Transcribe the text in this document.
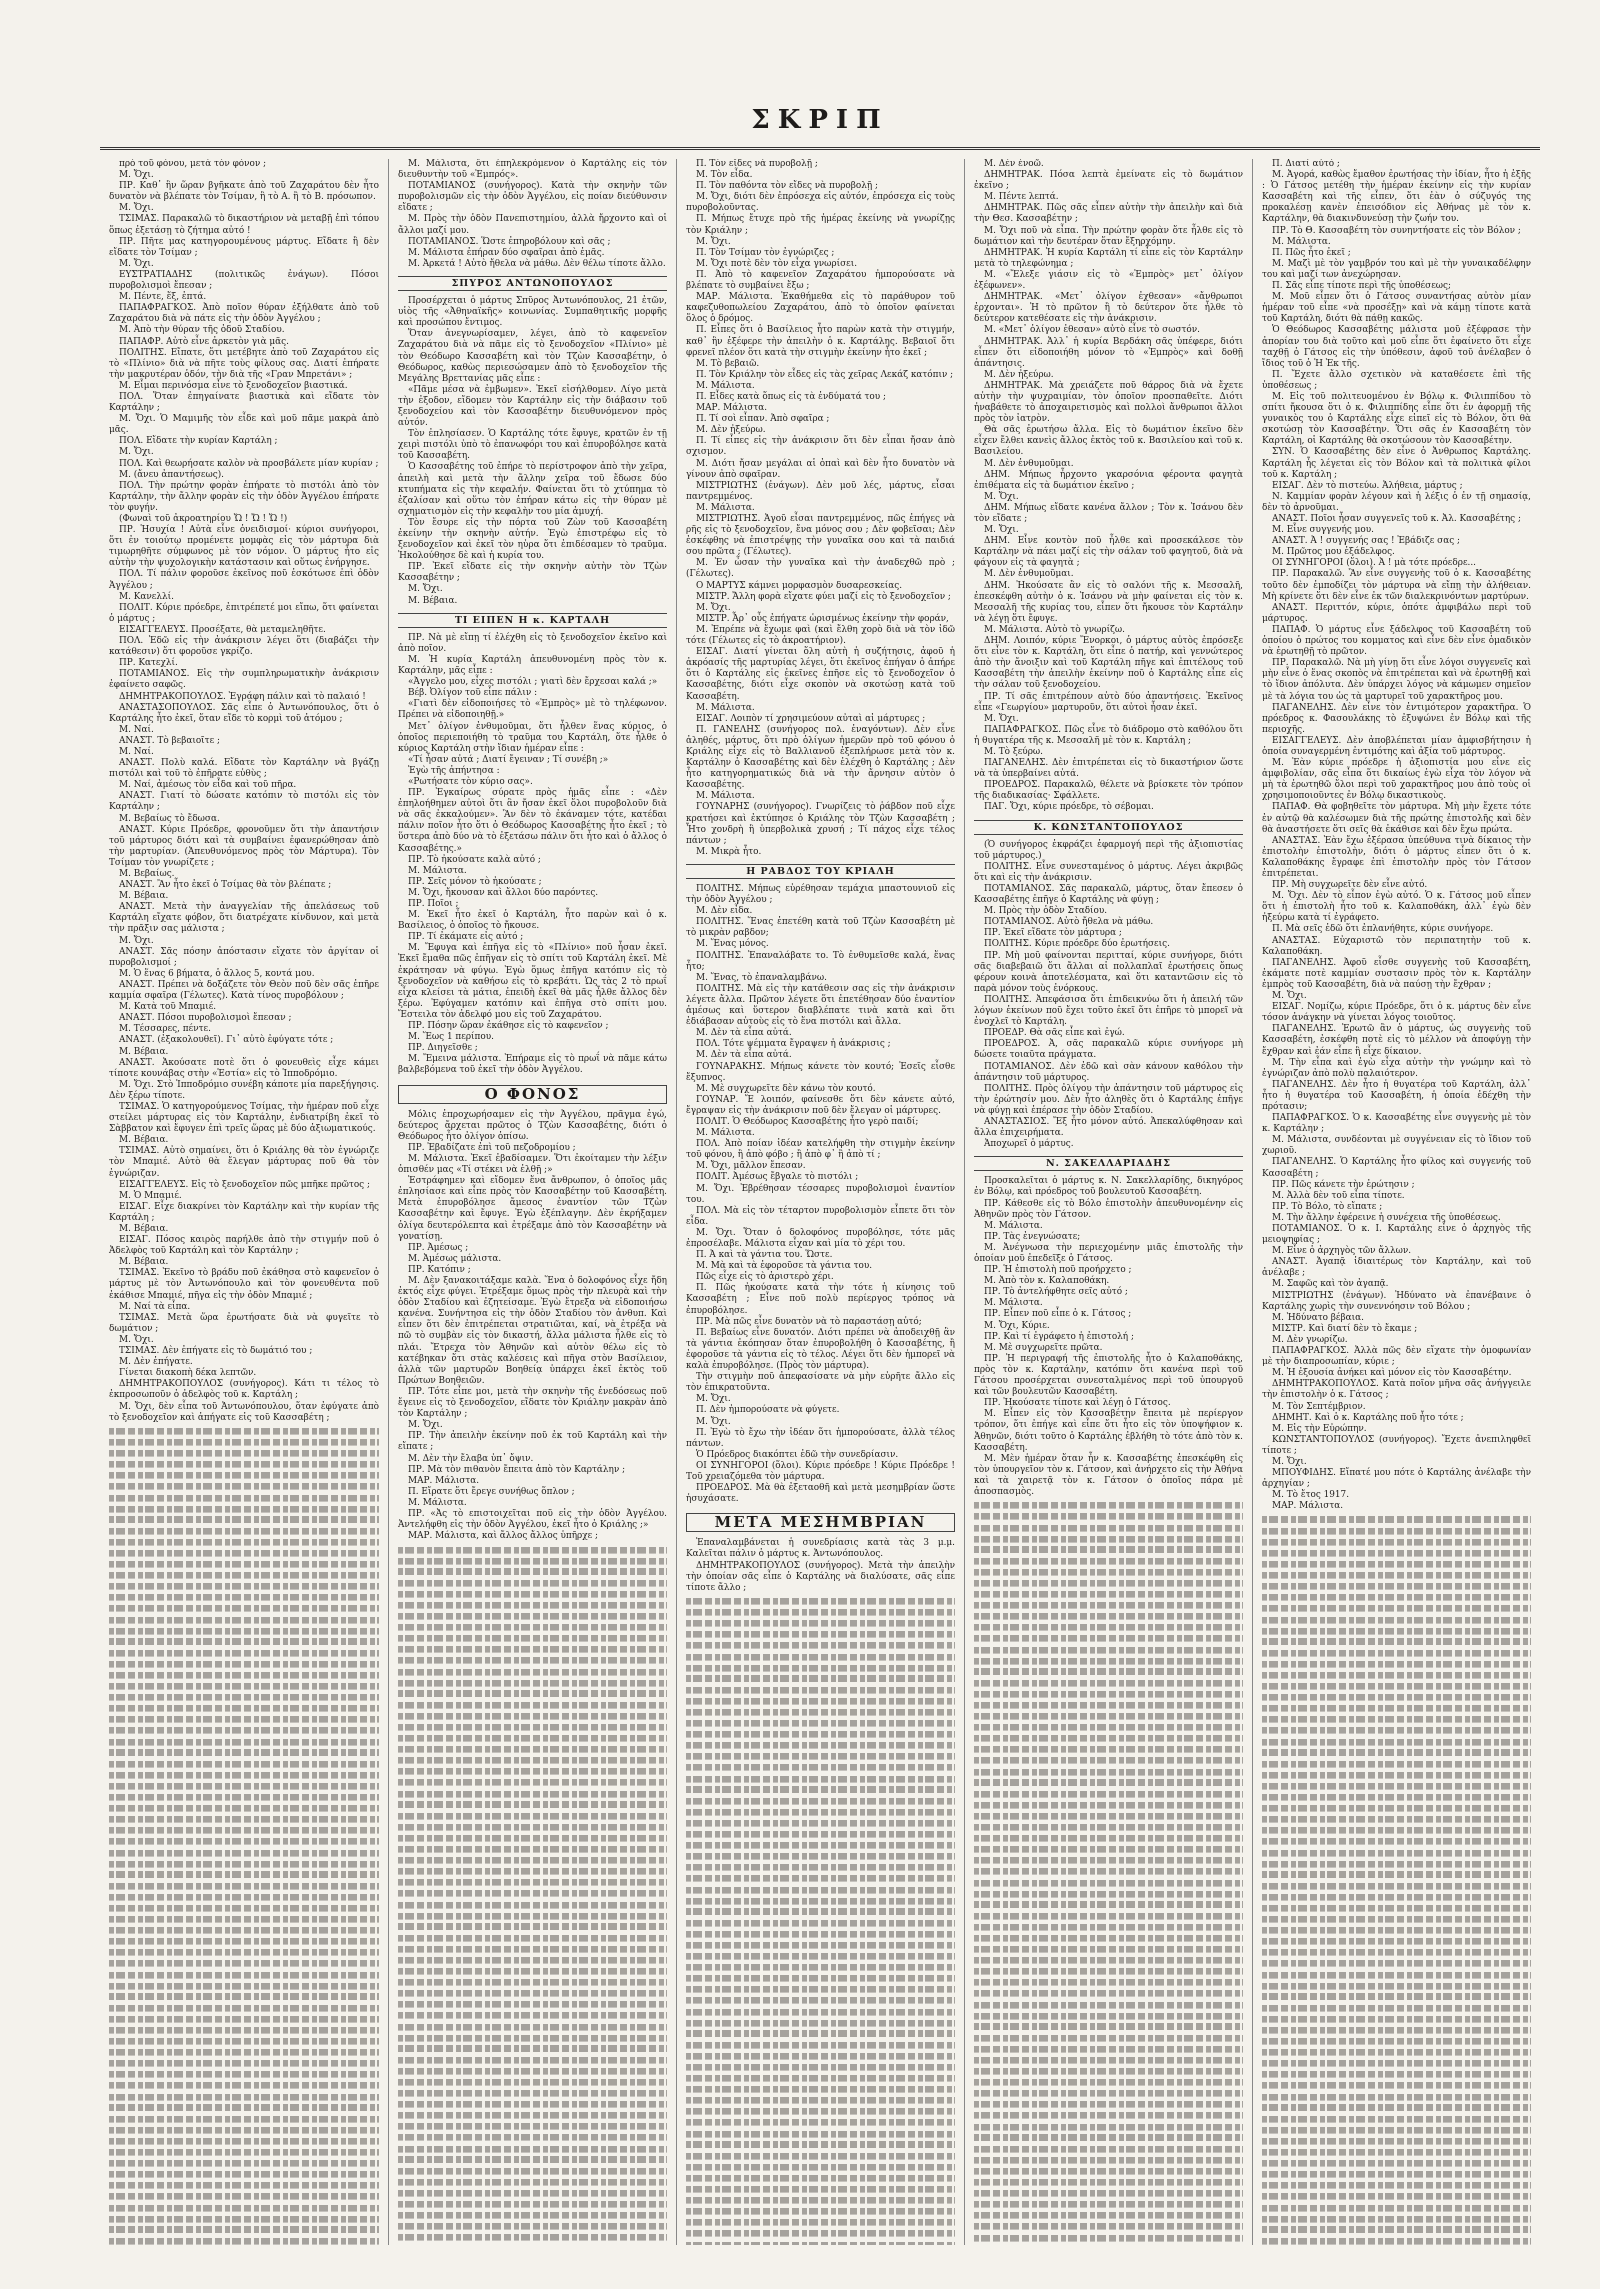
ΣΚΡΙΠ

πρὸ τοῦ φόνου, μετὰ τὸν φόνον ;

Μ. Ὄχι.

ΠΡ. Καθ᾽ ἣν ὥραν βγῆκατε ἀπὸ τοῦ Ζαχαράτου δὲν ἦτο δυνατὸν νὰ βλέπατε τὸν Τσίμαν, ἢ τὸ Α. ἢ τὸ Β. πρόσωπον.

Μ. Ὄχι.

ΤΣΙΜΑΣ. Παρακαλῶ τὸ δικαστήριον νὰ μεταβῇ ἐπὶ τόπου ὅπως ἐξετάσῃ τὸ ζήτημα αὐτό !

ΠΡ. Πῆτε μας κατηγορουμένους μάρτυς. Εἴδατε ἢ δὲν εἴδατε τὸν Τσίμαν ;

Μ. Ὄχι.

ΕΥΣΤΡΑΤΙΑΔΗΣ (πολιτικῶς ἐνάγων). Πόσοι πυροβολισμοὶ ἔπεσαν ;

Μ. Πέντε, ἕξ, ἑπτά.

ΠΑΠΑΦΡΑΓΚΟΣ. Ἀπὸ ποῖον θύραν ἐξήλθατε ἀπὸ τοῦ Ζαχαράτου διὰ νὰ πάτε εἰς τὴν ὁδὸν Ἀγγέλου ;

Μ. Ἀπὸ τὴν θύραν τῆς ὁδοῦ Σταδίου.

ΠΑΠΑΦΡ. Αὐτὸ εἶνε ἀρκετὸν γιὰ μᾶς.

ΠΟΛΙΤΗΣ. Εἴπατε, ὅτι μετέβητε ἀπὸ τοῦ Ζαχαράτου εἰς τὸ «Πλίνιο» διὰ νὰ πῆτε τοὺς φίλους σας. Διατί ἐπήρατε τὴν μακρυτέραν ὁδόν, τὴν διὰ τῆς «Γραν Μπρετάνι» ;

Μ. Εἶμαι περινόσμα εἶνε τὸ ξενοδοχεῖον βιαστικά.

ΠΟΛ. Ὅταν ἐπηγαίνατε βιαστικὰ καὶ εἴδατε τὸν Καρτάλην ;

Μ. Ὄχι. Ὁ Μαμιμῆς τὸν εἶδε καὶ μοῦ πᾶμε μακρὰ ἀπὸ μᾶς.

ΠΟΛ. Εἴδατε τὴν κυρίαν Καρτάλη ;

Μ. Ὄχι.

ΠΟΛ. Καὶ θεωρήσατε καλὸν νὰ προσβάλετε μίαν κυρίαν ;

Μ. (ἄνευ ἀπαντήσεως).

ΠΟΛ. Τὴν πρώτην φορὰν ἐπήρατε τὸ πιστόλι ἀπὸ τὸν Καρτάλην, τὴν ἄλλην φορὰν εἰς τὴν ὁδὸν Ἀγγέλου ἐπήρατε τὸν φυγήν.

(Φωναὶ τοῦ ἀκροατηρίου Ὤ ! Ὤ ! Ὤ !)

ΠΡ. Ἡσυχία ! Αὐτὰ εἶνε ὀνειδισμοί· κύριοι συνήγοροι, ὅτι ἐν τοιούτῳ προμένετε μομφὰς εἰς τὸν μάρτυρα διὰ τιμωρηθῆτε σύμφωνος μὲ τὸν νόμον. Ὁ μάρτυς ἦτο εἰς αὐτὴν τὴν ψυχολογικὴν κατάστασιν καὶ οὕτως ἐνήργησε.

ΠΟΛ. Τί πάλιν φοροῦσε ἐκεῖνος ποῦ ἐσκότωσε ἐπὶ ὁδὸν Ἀγγέλου ;

Μ. Κανελλί.

ΠΟΛΙΤ. Κύριε πρόεδρε, ἐπιτρέπετέ μοι εἴπω, ὅτι φαίνεται ὁ μάρτυς ;

ΕΙΣΑΓΓΕΛΕΥΣ. Προσέξατε, θὰ μεταμεληθῆτε.

ΠΟΛ. Ἐδῶ εἰς τὴν ἀνάκρισιν λέγει ὅτι (διαβάζει τὴν κατάθεσιν) ὅτι φοροῦσε γκρίζο.

ΠΡ. Κατεχλί.

ΠΟΤΑΜΙΑΝΟΣ. Εἰς τὴν συμπληρωματικὴν ἀνάκρισιν ἐφαίνετο σαφῶς.

ΔΗΜΗΤΡΑΚΟΠΟΥΛΟΣ. Ἐγράφη πάλιν καὶ τὸ παλαιό !

ΑΝΑΣΤΑΣΟΠΟΥΛΟΣ. Σᾶς εἶπε ὁ Ἀντωνόπουλος, ὅτι ὁ Καρτάλης ἦτο ἐκεῖ, ὅταν εἴδε τὸ κορμὶ τοῦ ἀτόμου ;

Μ. Ναί.

ΑΝΑΣΤ. Τὸ βεβαιοῖτε ;

Μ. Ναί.

ΑΝΑΣΤ. Πολὺ καλά. Εἴδατε τὸν Καρτάλην νὰ βγάζῃ πιστόλι καὶ τοῦ τὸ ἐπῆρατε εὐθὺς ;

Μ. Ναί, ἀμέσως τὸν εἶδα καὶ τοῦ πῆρα.

ΑΝΑΣΤ. Γιατί τὸ δώσατε κατόπιν τὸ πιστόλι εἰς τὸν Καρτάλην ;

Μ. Βεβαίως τὸ ἔδωσα.

ΑΝΑΣΤ. Κύριε Πρόεδρε, φρονοῦμεν ὅτι τὴν ἀπαντήσιν τοῦ μάρτυρος διότι καὶ τὰ συμβαίνει ἐφανερώθησαν ἀπὸ τὴν μαρτυρίαν. (Ἀπευθυνόμενος πρὸς τὸν Μάρτυρα). Τὸν Τσίμαν τὸν γνωρίζετε ;

Μ. Βεβαίως.

ΑΝΑΣΤ. Ἂν ἦτο ἐκεῖ ὁ Τσίμας θὰ τὸν βλέπατε ;

Μ. Βέβαια.

ΑΝΑΣΤ. Μετὰ τὴν ἀναγγελίαν τῆς ἀπελάσεως τοῦ Καρτάλη εἴχατε φόβον, ὅτι διατρέχατε κίνδυνον, καὶ μετὰ τὴν πρᾶξιν σας μάλιστα ;

Μ. Ὄχι.

ΑΝΑΣΤ. Σᾶς πόσην ἀπόστασιν εἴχατε τὸν ἀργίταν οἱ πυροβολισμοί ;

Μ. Ὁ ἕνας 6 βήματα, ὁ ἄλλος 5, κοντά μου.

ΑΝΑΣΤ. Πρέπει νὰ δοξάζετε τὸν Θεὸν ποῦ δὲν σᾶς ἐπῆρε καμμία σφαῖρα (Γέλωτες). Κατὰ τίνος πυροβόλουν ;

Μ. Κατὰ τοῦ Μπαμιέ.

ΑΝΑΣΤ. Πόσοι πυροβολισμοὶ ἔπεσαν ;

Μ. Τέσσαρες, πέντε.

ΑΝΑΣΤ. (ἐξακολουθεῖ). Γι᾽ αὐτὸ ἐφύγατε τότε ;

Μ. Βέβαια.

ΑΝΑΣΤ. Ἀκούσατε ποτὲ ὅτι ὁ φονευθεὶς εἶχε κάμει τίποτε κουνάβας στὴν «Ἑστία» εἰς τὸ Ἱπποδρόμιο.

Μ. Ὄχι. Στὸ Ἱπποδρόμιο συνέβη κάποτε μία παρεξήγησις. Δὲν ξέρω τίποτε.

ΤΣΙΜΑΣ. Ὁ κατηγορούμενος Τσίμας, τὴν ἡμέραν ποῦ εἶχε στείλει μάρτυρας εἰς τὸν Καρτάλην, ἐνδιατρίβη ἐκεῖ τὸ Σὰββατον καὶ ἔφυγεν ἐπὶ τρεῖς ὥρας μὲ δύο ἀξιωματικούς.

Μ. Βέβαια.

ΤΣΙΜΑΣ. Αὐτὸ σημαίνει, ὅτι ὁ Κριάλης θὰ τὸν ἐγνώριζε τὸν Μπαμιέ. Αὐτὸ θὰ ἔλεγαν μάρτυρας ποῦ θὰ τὸν ἐγνώριζαν.

ΕΙΣΑΓΓΕΛΕΥΣ. Εἰς τὸ ξενοδοχεῖον πῶς μπῆκε πρῶτος ;

Μ. Ὁ Μπαμιέ.

ΕΙΣΑΓ. Εἶχε διακρίνει τὸν Καρτάλην καὶ τὴν κυρίαν τῆς Καρτάλη ;

Μ. Βέβαια.

ΕΙΣΑΓ. Πόσος καιρὸς παρήλθε ἀπὸ τὴν στιγμήν ποῦ ὁ Ἀδελφὸς τοῦ Καρτάλη καὶ τὸν Καρτάλην ;

Μ. Βέβαια.

ΤΣΙΜΑΣ. Ἐκεῖνο τὸ βράδυ ποῦ ἐκάθησα στὸ καφενεῖον ὁ μάρτυς μὲ τὸν Ἀντωνόπουλο καὶ τὸν φονευθέντα ποῦ ἐκάθισε Μπαμιέ, πῆγα εἰς τὴν ὁδὸν Μπαμιέ ;

Μ. Ναί τὰ εἶπα.

ΤΣΙΜΑΣ. Μετὰ ὥρα ἐρωτήσατε διὰ νὰ φυγεῖτε τὸ δωμάτιον ;

Μ. Ὄχι.

ΤΣΙΜΑΣ. Δὲν ἐπήγατε εἰς τὸ δωμάτιό του ;

Μ. Δὲν ἐπήγατε.

Γίνεται διακοπὴ δέκα λεπτῶν.

ΔΗΜΗΤΡΑΚΟΠΟΥΛΟΣ (συνήγορος). Κάτι τι τέλος τὸ ἐκπροσωποῦν ὁ ἀδελφὸς τοῦ κ. Καρτάλη ;

Μ. Ὄχι, δὲν εἶπα τοῦ Ἀντωνόπουλου, ὅταν ἐφύγατε ἀπὸ τὸ ξενοδοχεῖον καὶ ἀπήγατε εἰς τοῦ Κασσαβέτη ;

Μ. Μάλιστα, ὅτι ἐπηλεκρόμενον ὁ Καρτάλης εἰς τὸν διευθυντὴν τοῦ «Ἐμπρός».

ΠΟΤΑΜΙΑΝΟΣ (συνήγορος). Κατὰ τὴν σκηνὴν τῶν πυροβολισμῶν εἰς τὴν ὁδὸν Ἀγγέλου, εἰς ποίαν διεύθυνσιν εἴδατε ;

Μ. Πρὸς τὴν ὁδὸν Πανεπιστημίου, ἀλλὰ ἤρχοντο καὶ οἱ ἄλλοι μαζί μου.

ΠΟΤΑΜΙΑΝΟΣ. Ὥστε ἐπηροβόλουν καὶ σᾶς ;

Μ. Μάλιστα ἐπήραν δύο σφαῖραι ἀπὸ ἐμᾶς.

Μ. Ἀρκετά ! Αὐτὸ ἤθελα νὰ μάθω. Δὲν θέλω τίποτε ἄλλο.

ΣΠΥΡΟΣ ΑΝΤΩΝΟΠΟΥΛΟΣ

Προσέρχεται ὁ μάρτυς Σπῦρος Ἀντωνόπουλος, 21 ἐτῶν, υἱὸς τῆς «Ἀθηναϊκῆς» κοινωνίας. Συμπαθητικῆς μορφῆς καὶ προσώπου ἔντιμος.

Ὅταν ἀνεγνωρίσαμεν, λέγει, ἀπὸ τὸ καφενεῖον Ζαχαράτου διὰ νὰ πᾶμε εἰς τὸ ξενοδοχεῖον «Πλίνιο» μὲ τὸν Θεόδωρο Κασσαβέτη καὶ τὸν Τζὼν Κασσαβέτην, ὁ Θεόδωρος, καθὼς περιεσώσαμεν ἀπὸ τὸ ξενοδοχεῖον τῆς Μεγάλης Βρεττανίας μᾶς εἶπε :

«Πᾶμε μέσα νὰ ἐμβωμεν». Ἐκεῖ εἰσήλθομεν. Λίγο μετὰ τὴν ἐξοδον, εἴδομεν τὸν Καρτάλην εἰς τὴν διάβασιν τοῦ ξενοδοχείου καὶ τὸν Κασσαβέτην διευθυνόμενον πρὸς αὐτόν.

Τὸν ἐπλησίασεν. Ὁ Καρτάλης τότε ἔφυγε, κρατῶν ἐν τῇ χειρὶ πιστόλι ὑπὸ τὸ ἐπανωφόρι του καὶ ἐπυροβόλησε κατὰ τοῦ Κασσαβέτη.

Ὁ Κασσαβέτης τοῦ ἐπήρε τὸ περίστροφον ἀπὸ τὴν χεῖρα, ἀπειλὴ καὶ μετὰ τὴν ἄλλην χεῖρα τοῦ ἔδωσε δύο κτυπήματα εἰς τὴν κεφαλήν. Φαίνεται ὅτι τὸ χτύπημα τὸ ἐζαλίσαν καὶ οὕτω τὸν ἐπήραν κάτω εἰς τὴν θύραν μὲ σχηματισμὸν εἰς τὴν κεφαλὴν του μία ἀμυχή.

Τὸν ἔσυρε εἰς τὴν πόρτα τοῦ Ζὼν τοῦ Κασσαβέτη ἐκείνην τὴν σκηνὴν αὐτήν. Ἐγὼ ἐπιστρέφω εἰς τὸ ξενοδοχεῖον καὶ ἐκεῖ τὸν ηὑρα ὅτι ἐπιδέσαμεν τὸ τραῦμα. Ἠκολούθησε δὲ καὶ ἡ κυρία του.

ΠΡ. Ἐκεῖ εἴδατε εἰς τὴν σκηνὴν αὐτὴν τὸν Τζὼν Κασσαβέτην ;

Μ. Ὄχι.

Μ. Βέβαια.

ΤΙ ΕΙΠΕΝ Η κ. ΚΑΡΤΑΛΗ

ΠΡ. Νὰ μὲ εἴπῃ τί ἐλέχθη εἰς τὸ ξενοδοχεῖον ἐκεῖνο καὶ ἀπὸ ποῖον.

Μ. Ἡ κυρία Καρτάλη ἀπευθυνομένη πρὸς τὸν κ. Καρτάλην, μᾶς εἶπε :

«Ἀγγελο μου, εἶχες πιστόλι ; γιατὶ δὲν ἔρχεσαι καλά ;»

Βέβ. Ὀλίγον τοῦ εἶπε πάλιν :

«Γιατὶ δὲν εἰδοποιήσες τὸ «Ἐμπρὸς» μὲ τὸ τηλέφωνον. Πρέπει νὰ εἰδοποιηθῇ.»

Μετ᾽ ὀλίγον ἐνθυμοῦμαι, ὅτι ἦλθεν ἕνας κύριος, ὁ ὁποῖος περιεποιήθη τὸ τραῦμα του Καρτάλη, ὅτε ἦλθε ὁ κύριος Καρτάλη στὴν ἴδιαν ἡμέραν εἶπε :

«Τί ἦσαν αὐτά ; Διατί ἔγειναν ; Τί συνέβη ;»

Ἐγὼ τῆς ἀπήντησα :

«Ρωτήσατε τὸν κύριο σας».

ΠΡ. Ἐγκαίρως σύρατε πρὸς ἡμᾶς εἶπε : «Δὲν ἐπηλοήθημεν αὐτοὶ ὅτι ἂν ἤσαν ἐκεῖ ὅλοι πυροβολοῦν διὰ νὰ σᾶς ἐκκαλούμεν». Ἂν δὲν τὸ ἐκάναμεν τότε, κατέδαι πάλιν ποῖον ἦτο ὅτι ὁ Θεόδωρος Κασσαβέτης ἦτο ἐκεῖ ; τὸ ὕστερα ἀπὸ δύο νὰ τὸ ἐξετάσω πάλιν ὅτι ἦτο καὶ ὁ ἄλλος ὁ Κασσαβέτης.»

ΠΡ. Τὸ ἠκούσατε καλὰ αὐτό ;

Μ. Μάλιστα.

ΠΡ. Σεῖς μόνον τὸ ἠκούσατε ;

Μ. Ὄχι, ἤκουσαν καὶ ἄλλοι δύο παρόντες.

ΠΡ. Ποῖοι ;

Μ. Ἐκεῖ ἦτο ἐκεῖ ὁ Καρτάλη, ἦτο παρὼν καὶ ὁ κ. Βασίλειος, ὁ ὁποῖος τὸ ἤκουσε.

ΠΡ. Τί ἐκάματε εἰς αὐτό ;

Μ. Ἔφυγα καὶ ἐπῆγα εἰς τὸ «Πλίνιο» ποῦ ἦσαν ἐκεῖ. Ἐκεῖ ἔμαθα πῶς ἐπῆγαν εἰς τὸ σπίτι τοῦ Καρτάλη ἐκεῖ. Μὲ ἐκράτησαν νὰ φύγω. Ἐγὼ ὅμως ἐπῆγα κατόπιν εἰς τὸ ξενοδοχεῖον νὰ καθήσω εἰς τὸ κρεβάτι. Ὡς τὰς 2 τὸ πρωΐ εἶχα κλείσει τὰ μάτια, ἐπειδὴ ἐκεῖ θὰ μᾶς ἦλθε ἄλλος δὲν ξέρω. Ἐφύγαμεν κατόπιν καὶ ἐπῆγα στὸ σπίτι μου. Ἔστειλα τὸν ἀδελφό μου εἰς τοῦ Ζαχαράτου.

ΠΡ. Πόσην ὥραν ἐκάθησε εἰς τὸ καφενεῖον ;

Μ. Ἕως 1 περίπου.

ΠΡ. Διηγεῖσθε ;

Μ. Ἔμεινα μάλιστα. Ἐπήραμε εἰς τὸ πρωΐ νὰ πᾶμε κάτω βαλβεβόμενα τοῦ ἐκεῖ τὴν ὁδὸν Ἀγγέλου.

Ο ΦΟΝΟΣ

Μόλις ἐπροχωρήσαμεν εἰς τὴν Ἀγγέλου, πρᾶγμα ἐγώ, δεύτερος ἄρχεται πρῶτος ὁ Τζὼν Κασσαβέτης, διότι ὁ Θεόδωρος ἦτο ὀλίγον ὀπίσω.

ΠΡ. Ἐβαδίζατε ἐπὶ τοῦ πεζοδρομίου ;

Μ. Μάλιστα. Ἐκεῖ ἐβαδίσαμεν. Ὅτι ἐκοίταμεν τὴν λέξιν ὀπισθέν μας «Τί στέκει νὰ ἐλθῇ ;»

Ἐστράφημεν καὶ εἴδομεν ἕνα ἄνθρωπον, ὁ ὁποῖος μᾶς ἐπλησίασε καὶ εἶπε πρὸς τὸν Κασσαβέτην τοῦ Κασσαβέτη. Μετὰ ἐπυροβόλησε ἄμεσος ἐναντίον τῶν Τζὼν Κασσαβέτην καὶ ἔφυγε. Ἐγὼ ἐξέπλαγην. Δὲν ἐκρήξαμεν ὀλίγα δευτερόλεπτα καὶ ἐτρέξαμε ἀπὸ τὸν Κασσαβέτην νὰ γονατίσῃ.

ΠΡ. Ἀμέσως ;

Μ. Ἀμέσως μάλιστα.

ΠΡ. Κατόπιν ;

Μ. Δὲν ξανακοιτάξαμε καλὰ. Ἕνα ὁ δολοφόνος εἶχε ἤδη ἐκτός εἶχε φύγει. Ἐτρέξαμε ὅμως πρὸς τὴν πλευρὰ καὶ τὴν ὁδὸν Σταδίου καὶ ἐζητείσαμε. Ἐγὼ ἔτρεξα νὰ εἰδοποιήσω κανένα. Συνήντησα εἰς τὴν ὁδὸν Σταδίου τὸν ἀνθυπ. Καὶ εἶπεν ὅτι δὲν ἐπιτρέπεται στρατιῶται, καί, νὰ ἐτρέξα νὰ πῶ τὸ συμβὰν εἰς τὸν δικαστή, ἄλλα μάλιστα ἦλθε εἰς τὸ πλάι. Ἔτρεχα τὸν Ἀθηνῶν καὶ αὐτὸν θέλω εἰς τὸ κατέβηκαν ὅτι στὰς καλέσεις καὶ πῆγα στὸν Βασίλειον, ἀλλὰ τῶν μαρτυρῶν Βοηθείᾳ ὑπάρχει ἐκεῖ ἐκτὸς τοῦ Πρώτων Βοηθειῶν.

ΠΡ. Τότε εἶπε μοι, μετὰ τὴν σκηνὴν τῆς ἐνεδόσεως ποῦ ἔγεινε εἰς τὸ ξενοδοχεῖον, εἴδατε τὸν Κριάλην μακρὰν ἀπὸ τὸν Καρτάλην ;

Μ. Ὄχι.

ΠΡ. Τὴν ἀπειλὴν ἐκείνην ποῦ ἐκ τοῦ Καρτάλη καὶ τὴν εἴπατε ;

Μ. Δὲν τὴν ἔλαβα ὑπ᾽ ὄψιν.

ΠΡ. Μὰ τὸν πιθανὸν ἔπειτα ἀπὸ τὸν Καρτάλην ;

ΜΑΡ. Μάλιστα.

Π. Εἴρατε ὅτι ἔρεγε συνήθως ὅπλον ;

Μ. Μάλιστα.

ΠΡ. «Ἀς τὸ επιστοιχεῖται ποῦ εἰς τὴν ὁδὸν Ἀγγέλου. Ἀντελήφθη εἰς τὴν ὁδὸν Ἀγγέλου, ἐκεῖ ἦτο ὁ Κριάλης ;»

ΜΑΡ. Μάλιστα, καὶ ἄλλος ἄλλος ὑπῆρχε ;

Π. Τὸν εἴδες νὰ πυροβολῇ ;

Μ. Τὸν εἶδα.

Π. Τὸν παθόντα τὸν εἴδες νὰ πυροβολῇ ;

Μ. Ὄχι, διότι δὲν ἐπρόσεχα εἰς αὐτόν, ἐπρόσεχα εἰς τοὺς πυροβολοῦντας.

Π. Μήπως ἔτυχε πρὸ τῆς ἡμέρας ἐκείνης νὰ γνωρίζῃς τὸν Κριάλην ;

Μ. Ὄχι.

Π. Τὸν Τσίμαν τὸν ἐγνώριζες ;

Μ. Ὄχι ποτὲ δὲν τὸν εἶχα γνωρίσει.

Π. Ἀπὸ τὸ καφενεῖον Ζαχαράτου ἠμπορούσατε νὰ βλέπατε τὸ συμβαίνει ἔξω ;

ΜΑΡ. Μάλιστα. Ἐκαθήμεθα εἰς τὸ παράθυρον τοῦ καφεζυθοπωλείου Ζαχαράτου, ἀπὸ τὸ ὁποῖον φαίνεται ὅλος ὁ δρόμος.

Π. Εἶπες ὅτι ὁ Βασίλειος ἦτο παρὼν κατὰ τὴν στιγμήν, καθ᾽ ἣν ἐξέφερε τὴν ἀπειλὴν ὁ κ. Καρτάλης. Βεβαιοῖ ὅτι φρενεῖ πλέον ὅτι κατὰ τὴν στιγμὴν ἐκείνην ἦτο ἐκεῖ ;

Μ. Τὸ βεβαιῶ.

Π. Τὸν Κριάλην τὸν εἶδες εἰς τὰς χεῖρας Λεκάζ κατόπιν ;

Μ. Μάλιστα.

Π. Εἶδες κατὰ ὅπως εἰς τὰ ἐνδύματά του ;

ΜΑΡ. Μάλιστα.

Π. Τί σοὶ εἶπαν. Ἀπὸ σφαῖρα ;

Μ. Δὲν ἠξεύρω.

Π. Τί εἶπες εἰς τὴν ἀνάκρισιν ὅτι δὲν εἶπαι ἤσαν ἀπὸ σχισμον.

Μ. Διότι ἤσαν μεγάλαι αἱ ὀπαὶ καὶ δὲν ἦτο δυνατὸν νὰ γίνουν ἀπὸ σφαῖραν.

ΜΙΣΤΡΙΩΤΗΣ (ἐνάγων). Δὲν μοῦ λές, μάρτυς, εἶσαι παντρεμμένος.

Μ. Μάλιστα.

ΜΙΣΤΡΙΩΤΗΣ. Ἀγοῦ εἶσαι παντρεμμένος, πῶς ἐπήγες νὰ ρῆς εἰς τὸ ξενοδοχεῖον, ἔνα μόνος σου ; Δὲν φοβεῖσαι; Δὲν ἐσκέφθης νὰ ἐπιστρέψῃς τὴν γυναῖκα σου καὶ τὰ παιδιά σου πρῶτα ; (Γέλωτες).

Μ. Ἐν ὦσαν τὴν γυναῖκα καὶ τὴν ἀναδεχθῶ πρὸ ; (Γέλωτες).

Ο ΜΑΡΤΥΣ κάμνει μορφασμὸν δυσαρεσκείας.

ΜΙΣΤΡ. Ἄλλη φορὰ εἴχατε φύει μαζί εἰς τὸ ξενοδοχεῖον ;

Μ. Ὄχι.

ΜΙΣΤΡ. Ἆρ᾽ οὖς ἐπήγατε ὡρισμένως ἐκείνην τὴν φοράν,

Μ. Ἐπρέπε νὰ ἔχωμε φαὶ (καὶ ἔλθη χορὸ διὰ νὰ τὸν ἰδῶ τότε (Γέλωτες εἰς τὸ ἀκροατήριον).

ΕΙΣΑΓ. Διατί γίνεται ὅλη αὐτὴ ἡ συζήτησις, ἀφοῦ ἡ ἀκρόασίς τῆς μαρτυρίας λέγει, ὅτι ἐκεῖνος ἐπήγαν ὁ ἀπήρε ὅτι ὁ Καρτάλης εἰς ἐκεῖνες ἐπῆσε εἰς τὸ ξενοδοχεῖον ὁ Κασσαβέτης, διότι εἶχε σκοπὸν νὰ σκοτώσῃ κατὰ τοῦ Κασσαβέτη.

Μ. Μάλιστα.

ΕΙΣΑΓ. Λοιπὸν τί χρησιμεύουν αὐταὶ αἱ μάρτυρες ;

Π. ΓΑΝΕΛΗΣ (συνήγορος πολ. ἐναγόντων). Δὲν εἶνε ἀληθές, μάρτυς, ὅτι πρὸ ὀλίγων ἡμερῶν πρὸ τοῦ φόνου ὁ Κριάλης εἶχε εἰς τὸ Βαλλιανοῦ ἐξεπλήρωσε μετὰ τὸν κ. Καρτάλην ὁ Κασσαβέτης καὶ δὲν ἐλέχθη ὁ Καρτάλης ; Δὲν ἦτο κατηγορηματικώς διὰ νὰ τὴν ἄρνησιν αὐτὸν ὁ Κασσαβέτης.

Μ. Μάλιστα.

ΓΟΥΝΑΡΗΣ (συνήγορος). Γνωρίζεις τὸ ῥάβδον ποῦ εἶχε κρατήσει καὶ ἐκτύπησε ὁ Κριάλης τὸν Τζὼν Κασσαβέτη ; Ἦτο χονδρὴ ἢ ὑπερβολικὰ χρυσή ; Τί πάχος εἶχε τέλος πάντων ;

Μ. Μικρὰ ἦτο.

Η ΡΑΒΔΟΣ ΤΟΥ ΚΡΙΑΛΗ

ΠΟΛΙΤΗΣ. Μήπως εὑρέθησαν τεμάχια μπαστουνιοῦ εἰς τὴν ὁδὸν Ἀγγέλου ;

Μ. Δὲν εἶδα.

ΠΟΛΙΤΗΣ. Ἕνας ἐπετέθη κατὰ τοῦ Τζὼν Κασσαβέτη μὲ τὸ μικρὰν ραβδον;

Μ. Ἕνας μόνος.

ΠΟΛΙΤΗΣ. Ἐπαναλάβατε το. Τὸ ἐνθυμεῖσθε καλά, ἕνας ἦτο;

Μ. Ἕνας, τὸ ἐπαναλαμβάνω.

ΠΟΛΙΤΗΣ. Μὰ εἰς τὴν κατάθεσιν σας εἰς τὴν ἀνάκρισιν λέγετε ἄλλα. Πρῶτον λέγετε ὅτι ἐπετέθησαν δύο ἐναντίον ἀμέσως καὶ ὕστερον διαβλέπατε τινὰ κατὰ καὶ ὅτι ἐδιάβασαν αὐτοὺς εἰς τὸ ἕνα πιστόλι καὶ ἄλλα.

Μ. Δὲν τὰ εἶπα αὐτά.

ΠΟΛ. Τότε ψέμματα ἔγραψεν ἡ ἀνάκρισις ;

Μ. Δὲν τὰ εἶπα αὐτά.

ΓΟΥΝΑΡΑΚΗΣ. Μήπως κάνετε τὸν κουτό; Ἐσεῖς εἶσθε ἔξυπνος.

Μ. Μὲ συγχωρεῖτε δὲν κάνω τὸν κουτό.

ΓΟΥΝΑΡ. Ἔ λοιπόν, φαίνεσθε ὅτι δὲν κάνετε αὐτό, ἔγραψαν εἰς τὴν ἀνάκρισιν ποῦ δὲν ἔλεγαν οἱ μάρτυρες.

ΠΟΛΙΤ. Ὁ Θεόδωρος Κασσαβέτης ἦτο γερὸ παιδί;

Μ. Μάλιστα.

ΠΟΛ. Ἀπὸ ποίαν ἰδέαν κατελήφθη τὴν στιγμὴν ἐκείνην τοῦ φόνου, ἢ ἀπὸ φόβο ; ἢ ἀπὸ φ᾽ ἢ ἀπὸ τί ;

Μ. Ὄχι, μᾶλλον ἔπεσαν.

ΠΟΛΙΤ. Ἀμέσως ἔβγαλε τὸ πιστόλι ;

Μ. Ὄχι. Ἐβρέθησαν τέσσαρες πυροβολισμοὶ ἐναντίον του.

ΠΟΛ. Μὰ εἰς τὸν τέταρτον πυροβολισμὸν εἶπετε ὅτι τὸν εἶδα.

Μ. Ὄχι. Ὅταν ὁ δολοφόνος πυροβόλησε, τότε μᾶς ἐπροσέλαβε. Μάλιστα εἶχαν καὶ μία τὸ χέρι του.

Π. Ἀ καὶ τὰ γάντια του. Ὥστε.

Μ. Μὰ καὶ τὰ ἐφοροῦσε τὰ γάντια του.

Πῶς εἶχε εἰς τὸ ἀριστερὸ χέρι.

Π. Πῶς ἠκούσατε κατὰ τὴν τότε ἡ κίνησις τοῦ Κασσαβέτη ; Εἶνε ποῦ πολὺ περίεργος τρόπος νὰ ἐπυροβόλησε.

ΠΡ. Μὰ πῶς εἶνε δυνατὸν νὰ τὸ παραστάσῃ αὐτό;

Π. Βεβαίως εἶνε δυνατόν. Διότι πρέπει νὰ ἀποδειχθῇ ἂν τὰ γάντια ἐκόπησαν ὅταν ἐπυροβολήθη ὁ Κασσαβέτης, ἢ ἐφοροῦσε τὰ γάντια εἰς τὸ τέλος. Λέγει ὅτι δὲν ἠμπορεῖ νὰ καλὰ ἐπυροβόλησε. (Πρὸς τὸν μάρτυρα).

Τὴν στιγμὴν ποῦ ἀπεφασίσατε νὰ μὴν εὑρῆτε ἄλλο εἰς τὸν ἐπικρατοῦντα.

Μ. Ὄχι.

Π. Δὲν ἠμπορούσατε νὰ φύγετε.

Μ. Ὄχι.

Π. Ἐγὼ τὸ ἔχω τὴν ἰδέαν ὅτι ἠμπορούσατε, ἀλλὰ τέλος πάντων.

Ὁ Πρόεδρος διακόπτει ἐδῶ τὴν συνεδρίασιν.

ΟΙ ΣΥΝΗΓΟΡΟΙ (ὅλοι). Κύριε πρόεδρε ! Κύριε Πρόεδρε ! Τοῦ χρειαζόμεθα τὸν μάρτυρα.

ΠΡΟΕΔΡΟΣ. Μὰ θὰ ἐξεταοθῆ καὶ μετὰ μεσημβρίαν ὥστε ἡσυχάσατε.

ΜΕΤΑ ΜΕΣΗΜΒΡΙΑΝ

Ἐπαναλαμβάνεται ἡ συνεδρίασις κατὰ τὰς 3 μ.μ. Καλεῖται πάλιν ὁ μάρτυς κ. Ἀντωνόπουλος.

ΔΗΜΗΤΡΑΚΟΠΟΥΛΟΣ (συνήγορος). Μετὰ τὴν ἀπειλὴν τὴν ὁποίαν σᾶς εἶπε ὁ Καρτάλης νὰ διαλύσατε, σᾶς εἶπε τίποτε ἄλλο ;

Μ. Δὲν ἐνοῶ.

ΔΗΜΗΤΡΑΚ. Πόσα λεπτὰ ἐμείνατε εἰς τὸ δωμάτιον ἐκεῖνο ;

Μ. Πέντε λεπτά.

ΔΗΜΗΤΡΑΚ. Πῶς σᾶς εἶπεν αὐτὴν τὴν ἀπειλὴν καὶ διὰ τὴν Θεσ. Κασσαβέτην ;

Μ. Ὄχι ποῦ νὰ εἶπα. Τὴν πρώτην φορὰν ὅτε ἦλθε εἰς τὸ δωμάτιον καὶ τὴν δευτέραν ὅταν ἔξηρχόμην.

ΔΗΜΗΤΡΑΚ. Ἡ κυρία Καρτάλη τί εἶπε εἰς τὸν Καρτάλην μετὰ τὸ τηλεφώνημα ;

Μ. «Ἔλεξε γιάσιν εἰς τὸ «Ἐμπρὸς» μετ᾽ ὀλίγον ἐξέφωνεν».

ΔΗΜΗΤΡΑΚ. «Μετ᾽ ὀλίγον ἐχθεσαν» «ἄνθρωποι ἐρχονται». Ἡ τὸ πρῶτον ἢ τὸ δεύτερον ὅτε ἦλθε τὸ δεύτερον κατεθέσατε εἰς τὴν ἀνάκρισιν.

Μ. «Μετ᾽ ὀλίγον ἐθεσαν» αὐτὸ εἶνε τὸ σωστόν.

ΔΗΜΗΤΡΑΚ. Ἀλλ᾽ ἡ κυρία Βερδάκη σᾶς ὑπέφερε, διότι εἶπεν ὅτι εἰδοποιήθη μόνον τὸ «Ἐμπρὸς» καὶ δοθῇ ἀπάντησις.

Μ. Δὲν ἠξεύρω.

ΔΗΜΗΤΡΑΚ. Μὰ χρειάζετε ποῦ θάρρος διὰ νὰ ἔχετε αὐτὴν τὴν ψυχραιμίαν, τὸν ὁποῖον προσπαθεῖτε. Διότι ἠναβάθετε τὸ ἀποχαιρετισμὸς καὶ πολλοὶ ἄνθρωποι ἄλλοι πρὸς τὸν ἰατρὸν.

Θὰ σᾶς ἐρωτήσω ἄλλα. Εἰς τὸ δωμάτιον ἐκεῖνο δὲν εἶχεν ἔλθει κανεὶς ἄλλος ἐκτὸς τοῦ κ. Βασιλείου καὶ τοῦ κ. Βασιλείου.

Μ. Δὲν ἐνθυμοῦμαι.

ΔΗΜ. Μήπως ἦρχοντο γκαρσόνια φέροντα φαγητὰ ἐπιθέματα εἰς τὰ δωμάτιον ἐκεῖνο ;

Μ. Ὄχι.

ΔΗΜ. Μήπως εἴδατε κανένα ἄλλον ; Τὸν κ. Ἰσάνου δὲν τὸν εἴδατε ;

Μ. Ὄχι.

ΔΗΜ. Εἶνε κοντὸν ποῦ ἦλθε καὶ προσεκάλεσε τὸν Καρτάλην νὰ πάει μαζί εἰς τὴν σάλαν τοῦ φαγητοῦ, διὰ νὰ φάγουν εἰς τὰ φαγητὰ ;

Μ. Δὲν ἐνθυμοῦμαι.

ΔΗΜ. Ἠκούσατε ἂν εἰς τὸ σαλόνι τῆς κ. Μεσσαλῆ, ἐπεσκέφθη αὐτὴν ὁ κ. Ἰσάνου νὰ μὴν φαίνεται εἰς τὸν κ. Μεσσαλῆ τῆς κυρίας του, εἶπεν ὅτι ἤκουσε τὸν Καρτάλην νὰ λέγῃ ὅτι ἔφυγε.

Μ. Μάλιστα. Αὐτὸ τὸ γνωρίζω.

ΔΗΜ. Λοιπόν, κύριε Ἔνορκοι, ὁ μάρτυς αὐτὸς ἐπρόσεξε ὅτι εἶνε τὸν κ. Καρτάλη, ὅτι εἶπε ὁ πατήρ, καὶ γεννώτερος ἀπὸ τὴν ἄνοιξιν καὶ τοῦ Καρτάλη πῆγε καὶ ἐπιτέλους τοῦ Κασσαβέτη τὴν ἀπειλὴν ἐκείνην ποῦ ὁ Καρτάλης εἶπε εἰς τὴν σάλαν τοῦ ξενοδοχείου.

ΠΡ. Τί σᾶς ἐπιτρέπουν αὐτὸ δύο ἀπαντήσεις. Ἐκεῖνος εἶπε «Γεωργίου» μαρτυροῦν, ὅτι αὐτοὶ ἦσαν ἐκεῖ.

Μ. Ὄχι.

ΠΑΠΑΦΡΑΓΚΟΣ. Πῶς εἶνε τὸ διάδρομο στὸ καθόλου ὅτι ἡ θυγατέρα τῆς κ. Μεσσαλῆ μὲ τὸν κ. Καρτάλη ;

Μ. Τὸ ξεύρω.

ΠΑΓΑΝΕΛΗΣ. Δὲν ἐπιτρέπεται εἰς τὸ δικαστήριον ὥστε νὰ τὰ ὑπερβαίνει αὐτά.

ΠΡΟΕΔΡΟΣ. Παρακαλῶ, θέλετε νὰ βρίσκετε τὸν τρόπον τῆς διαδικασίας· Σφάλλετε.

ΠΑΓ. Ὄχι, κύριε πρόεδρε, τὸ σέβομαι.

Κ. ΚΩΝΣΤΑΝΤΟΠΟΥΛΟΣ

(Ὁ συνήγορος ἐκφράζει ἐφαρμογή περὶ τῆς ἀξιοπιστίας τοῦ μάρτυρος.)

ΠΟΛΙΤΗΣ. Εἶνε συνεσταμένος ὁ μάρτυς. Λέγει ἀκριβῶς ὅτι καὶ εἰς τὴν ἀνάκρισιν.

ΠΟΤΑΜΙΑΝΟΣ. Σᾶς παρακαλῶ, μάρτυς, ὅταν ἔπεσεν ὁ Κασσαβέτης ἐπῆγε ὁ Καρτάλης νὰ φύγῃ ;

Μ. Πρὸς τὴν ὁδὸν Σταδίου.

ΠΟΤΑΜΙΑΝΟΣ. Αὐτὸ ἤθελα νὰ μάθω.

ΠΡ. Ἐκεῖ εἴδατε τὸν μάρτυρα ;

ΠΟΛΙΤΗΣ. Κύριε πρόεδρε δύο ἐρωτήσεις.

ΠΡ. Μὴ μοῦ φαίνονται περιτταί, κύριε συνήγορε, διότι σᾶς διαβεβαιῶ ὅτι ἄλλαι αἱ πολλαπλαῖ ἐρωτήσεις ὅπως φέρουν κοινὰ ἀποτελέσματα, καὶ ὅτι καταντῶσιν εἰς τὸ παρὰ μόνον τοὺς ἐνόρκους.

ΠΟΛΙΤΗΣ. Ἀπεφάσισα ὅτι ἐπιδεικνύω ὅτι ἡ ἀπειλή τῶν λόγων ἐκείνων ποῦ ἔχει τοῦτο ἐκεῖ ὅτι ἐπῆρε τὸ μπορεῖ νὰ ἐνοχλεῖ τὸ Καρτάλη.

ΠΡΟΕΔΡ. Θὰ σᾶς εἶπε καὶ ἐγώ.

ΠΡΟΕΔΡΟΣ. Ἀ, σᾶς παρακαλῶ κύριε συνήγορε μὴ δώσετε τοιαῦτα πράγματα.

ΠΟΤΑΜΙΑΝΟΣ. Δὲν ἐδῶ καὶ σὰν κάνουν καθόλου τὴν ἀπάντησιν τοῦ μάρτυρος.

ΠΟΛΙΤΗΣ. Πρὸς ὀλίγου τὴν ἀπάντησιν τοῦ μάρτυρος εἰς τὴν ἐρώτησίν μου. Δὲν ἦτο ἀληθὲς ὅτι ὁ Καρτάλης ἐπῆγε νὰ φύγῃ καὶ ἐπέρασε τὴν ὁδὸν Σταδίου.

ΑΝΑΣΤΑΣΙΟΣ. Ἔξ ἦτο μόνον αὐτό. Ἀπεκαλύφθησαν καὶ ἄλλα ἐπιχειρήματα.

Ἀποχωρεῖ ὁ μάρτυς.

Ν. ΣΑΚΕΛΛΑΡΙΑΔΗΣ

Προσκαλεῖται ὁ μάρτυς κ. Ν. Σακελλαρίδης, δικηγόρος ἐν Βόλῳ, καὶ πρόεδρος τοῦ βουλευτοῦ Κασσαβέτη.

ΠΡ. Κάθεσθε εἰς τὸ Βόλο ἐπιστολὴν ἀπευθυνομένην εἰς Ἀθηνῶν πρὸς τὸν Γάτσον.

Μ. Μάλιστα.

ΠΡ. Τὰς ἐνεγνώσατε;

Μ. Ἀνέγνωσα τὴν περιεχομένην μιᾶς ἐπιστολῆς τὴν ὁποίαν μοῦ ἐπεδεῖξε ὁ Γάτσος.

ΠΡ. Ἡ ἐπιστολὴ ποῦ προήρχετο ;

Μ. Ἀπὸ τὸν κ. Καλαποθάκη.

ΠΡ. Τὸ ἀντελήφθητε σεῖς αὐτό ;

Μ. Μάλιστα.

ΠΡ. Εἶπεν ποῦ εἶπε ὁ κ. Γάτσος ;

Μ. Ὄχι, Κύριε.

ΠΡ. Καὶ τί ἐγράφετο ἡ ἐπιστολή ;

Μ. Μὲ συγχωρεῖτε πρῶτα.

ΠΡ. Ἡ περιγραφή τῆς ἐπιστολῆς ἦτο ὁ Καλαποθάκης, πρὸς τὸν κ. Καρτάλην, κατόπιν ὅτι κανένα περὶ τοῦ Γάτσου προσέρχεται συνεσταλμένος περὶ τοῦ ὑπουργοῦ καὶ τῶν βουλευτῶν Κασσαβέτη.

ΠΡ. Ἠκούσατε τίποτε καὶ λέγῃ ὁ Γάτσος.

Μ. Εἶπεν εἰς τὸν Κασσαβέτην ἔπειτα μὲ περίεργον τρόπον, ὅτι ἐπήγε καὶ εἶπε ὅτι ἦτο εἰς τὸν ὑποψήφιον κ. Ἀθηνῶν, διότι τοῦτο ὁ Καρτάλης ἐβλήθη τὸ τότε ἀπὸ τὸν κ. Κασσαβέτη.

Μ. Μὲν ἡμέραν ὅταν ἦν κ. Κασσαβέτης ἐπεσκέφθη εἰς τὸν ὑπουργεῖον τὸν κ. Γάτσον, καὶ ἀνήρχετο εἰς τὴν Ἀθήνα καὶ τὰ χαιρετᾷ τὸν κ. Γάτσον ὁ ὁποῖος πάρα μὲ ἀποσπασμὸς.

Π. Διατί αὐτό ;

Μ. Ἀγορά, καθὼς ἔμαθον ἐρωτήσας τὴν ἰδίαν, ἦτο ἡ ἑξῆς : Ὁ Γάτσος μετέθη τὴν ἡμέραν ἐκείνην εἰς τὴν κυρίαν Κασσαβέτη καὶ τῆς εἶπεν, ὅτι ἐὰν ὁ σύζυγός της προκαλέσῃ κανὲν ἐπεισόδιον εἰς Ἀθήνας μὲ τὸν κ. Καρτάλην, θὰ διακινδυνεύσῃ τὴν ζωήν του.

ΠΡ. Τὸ Θ. Κασσαβέτη τὸν συνηντήσατε εἰς τὸν Βόλον ;

Μ. Μάλιστα.

Π. Πῶς ἦτο ἐκεῖ ;

Μ. Μαζὶ μὲ τὸν γαμβρόν του καὶ μὲ τὴν γυναικαδέλφην του καὶ μαζί των ἀνεχώρησαν.

Π. Σᾶς εἶπε τίποτε περὶ τῆς ὑποθέσεως;

Μ. Μοῦ εἶπεν ὅτι ὁ Γάτσος συναντήσας αὐτὸν μίαν ἡμέραν τοῦ εἶπε «νὰ προσέξῃ» καὶ νὰ κάμῃ τίποτε κατὰ τοῦ Καρτάλη, διότι θὰ πάθῃ κακῶς.

Ὁ Θεόδωρος Κασσαβέτης μάλιστα μοῦ ἐξέφρασε τὴν ἀπορίαν του διὰ τοῦτο καὶ μοῦ εἶπε ὅτι ἐφαίνετο ὅτι εἶχε ταχθῇ ὁ Γάτσος εἰς τὴν ὑπόθεσιν, ἀφοῦ τοῦ ἀνέλαβεν ὁ ἴδιος τοῦ ὁ Ἡ Ἐκ τῆς.

Π. Ἔχετε ἄλλο σχετικὸν νὰ καταθέσετε ἐπὶ τῆς ὑποθέσεως ;

Μ. Εἰς τοῦ πολιτευομένου ἐν Βόλῳ κ. Φιλιππίδου τὸ σπίτι ἤκουσα ὅτι ὁ κ. Φιλιππίδης εἶπε ὅτι ἐν ἀφορμῇ τῆς γυναικὸς του ὁ Καρτάλης εἶχε εἰπεῖ εἰς τὸ Βόλον, ὅτι θὰ σκοτώσῃ τὸν Κασσαβέτην. Ὅτι σᾶς ἐν Κασσαβέτη τὸν Καρτάλη, οἱ Καρτάλης θὰ σκοτώσουν τὸν Κασσαβέτην.

ΣΥΝ. Ὁ Κασσαβέτης δὲν εἶνε ὁ Ἀνθρωπος Καρτάλης. Καρτάλη ἧς λέγεται εἰς τὸν Βόλον καὶ τὰ πολιτικὰ φίλοι τοῦ κ. Καρτάλη ;

ΕΙΣΑΓ. Δὲν τὸ πιστεύω. Ἀλήθεια, μάρτυς ;

Ν. Καμμίαν φορὰν λέγουν καὶ ἡ λέξις ὁ ἐν τῇ σημασίᾳ, δὲν τὸ ἀρνοῦμαι.

ΑΝΑΣΤ. Ποῖοι ἦσαν συγγενεῖς τοῦ κ. Ἀλ. Κασσαβέτης ;

Μ. Εἶνε συγγενής μου.

ΑΝΑΣΤ. Ἀ ! συγγενής σας ! Ἐβάδιζε σας ;

Μ. Πρῶτος μου ἐξάδελφος.

ΟΙ ΣΥΝΗΓΟΡΟΙ (ὅλοι). Ἀ ! μὰ τότε πρόεδρε...

ΠΡ. Παρακαλῶ. Ἂν εἶνε συγγενὴς τοῦ ὁ κ. Κασσαβέτης τοῦτο δὲν ἐμποδίζει τὸν μάρτυρα νὰ εἴπῃ τὴν ἀλήθειαν. Μὴ κρίνετε ὅτι δὲν εἶνε ἐκ τῶν διαλεκρινόντων μαρτύρων.

ΑΝΑΣΤ. Περιττόν, κύριε, ὁπότε ἀμφιβάλω περὶ τοῦ μάρτυρος.

ΠΑΠΑΦ. Ὁ μάρτυς εἶνε ξάδελφος τοῦ Κασσαβέτη τοῦ ὁποίου ὁ πρώτος του κομματος καὶ εἶνε δὲν εἶνε ὁμαδικὸν νὰ ἐρωτηθῇ τὸ πρῶτον.

ΠΡ. Παρακαλῶ. Νὰ μὴ γίνῃ ὅτι εἶνε λόγοι συγγενεῖς καὶ μὴν εἶνε ὁ ἕνας σκοπὸς νὰ ἐπιτρέπεται καὶ νὰ ἐρωτηθῇ καὶ τὸ ἴδιον ἀπόλυτα. Δὲν ὑπάρχει λόγος νὰ κάμωμεν σημεῖον μὲ τὰ λόγια του ὡς τὰ μαρτυρεῖ τοῦ χαρακτῆρος μου.

ΠΑΓΑΝΕΛΗΣ. Δὲν εἶνε τὸν ἐντιμότερον χαρακτῆρα. Ὁ πρόεδρος κ. Φασουλάκης τὸ ἐξυψώνει ἐν Βόλῳ καὶ τῆς περιοχῆς.

ΕΙΣΑΓΓΕΛΕΥΣ. Δὲν ἀποβλέπεται μίαν ἀμφισβήτησιν ἡ ὁποία συναγερμένη ἐντιμότης καὶ ἀξία τοῦ μάρτυρος.

Μ. Ἐὰν κύριε πρόεδρε ἡ ἀξιοπιστία μου εἶνε εἰς ἀμφιβολίαν, σᾶς εἶπα ὅτι δικαίως ἐγὼ εἶχα τὸν λόγον νὰ μὴ τὰ ἐρωτηθῶ ὅλοι περὶ τοῦ χαρακτῆρος μου ἀπὸ τοὺς οἱ χρησιμοποιοῦντες ἐν Βόλῳ δικαστικοὺς.

ΠΑΠΑΦ. Θὰ φοβηθεῖτε τὸν μάρτυρα. Μὴ μὴν ἔχετε τότε ἐν αὐτῷ θὰ καλέσωμεν διὰ τῆς πρώτης ἐπιστολῆς καὶ δὲν θὰ ἀναστήσετε ὅτι σεῖς θὰ ἐκάθισε καὶ δὲν ἔχω πρώτα.

ΑΝΑΣΤΑΣ. Ἐὰν ἔχω ἐξέρασα ὑπεύθυνα τινὰ δίκαιος τὴν ἐπιστολὴν ἐπιστολὴν, διότι ὁ μάρτυς εἶπεν ὅτι ὁ κ. Καλαποθάκης ἔγραφε ἐπὶ ἐπιστολὴν πρὸς τὸν Γάτσον ἐπιτρέπεται.

ΠΡ. Μὴ συγχωρεῖτε δὲν εἶνε αὐτό.

Μ. Ὄχι. Δὲν τὸ εἶπον ἐγὼ αὐτό. Ὁ κ. Γάτσος μοῦ εἶπεν ὅτι ἡ ἐπιστολὴ ἦτο τοῦ κ. Καλαποθάκη, ἀλλ᾽ ἐγὼ δὲν ἠξεύρω κατὰ τί ἐγράφετο.

Π. Μὰ σεῖς ἐδῶ ὅτι ἐπλανήθητε, κύριε συνήγορε.

ΑΝΑΣΤΑΣ. Εὐχαριστῶ τὸν περιπατητὴν τοῦ κ. Καλαποθάκη.

ΠΑΓΑΝΕΛΗΣ. Ἀφοῦ εἶσθε συγγενὴς τοῦ Κασσαβέτη, ἐκάματε ποτὲ καμμίαν συστασιν πρὸς τὸν κ. Καρτάλην ἐμπρὸς τοῦ Κασσαβέτη, διὰ νὰ παύσῃ τὴν ἔχθραν ;

Μ. Ὄχι.

ΕΙΣΑΓ. Νομίζω, κύριε Πρόεδρε, ὅτι ὁ κ. μάρτυς δὲν εἶνε τόσον ἀνάγκην νὰ γίνεται λόγος τοιοῦτος.

ΠΑΓΑΝΕΛΗΣ. Ἐρωτῶ ἂν ὁ μάρτυς, ὡς συγγενὴς τοῦ Κασσαβέτη, ἐσκέφθη ποτὲ εἰς τὸ μέλλον νὰ ἀποφύγῃ τὴν ἔχθραν καὶ ἐάν εἶπε ἢ εἶχε δίκαιον.

Μ. Τὴν εἶπα καὶ ἐγὼ εἶχα αὐτὴν τὴν γνώμην καὶ τὸ ἐγνώριζαν ἀπὸ πολὺ παλαιότερον.

ΠΑΓΑΝΕΛΗΣ. Δὲν ἦτο ἡ θυγατέρα τοῦ Καρτάλη, ἀλλ᾽ ἦτο ἡ θυγατέρα τοῦ Κασσαβέτη, ἡ ὁποία ἐδέχθη τὴν πρότασιν;

ΠΑΠΑΦΡΑΓΚΟΣ. Ὁ κ. Κασσαβέτης εἶνε συγγενὴς μὲ τὸν κ. Καρτάλην ;

Μ. Μάλιστα, συνδέονται μὲ συγγένειαν εἰς τὸ ἴδιον τοῦ χωριοῦ.

ΠΑΓΑΝΕΛΗΣ. Ὁ Καρτάλης ἦτο φίλος καὶ συγγενής τοῦ Κασσαβέτη ;

ΠΡ. Πῶς κάνετε τὴν ἐρώτησιν ;

Μ. Ἀλλὰ δὲν τοῦ εἶπα τίποτε.

ΠΡ. Τὸ Βόλο, τὸ εἴπατε ;

Μ. Τὴν ἄλλην ἐφέρεινε ἡ συνέχεια τῆς ὑποθέσεως.

ΠΟΤΑΜΙΑΝΟΣ. Ὁ κ. Ι. Καρτάλης εἶνε ὁ ἀρχηγὸς τῆς μειοψηφίας ;

Μ. Εἶνε ὁ ἀρχηγὸς τῶν ἄλλων.

ΑΝΑΣΤ. Ἀγαπᾷ ἰδιαιτέρως τὸν Καρτάλην, καὶ τοῦ ἀνέλαβε ;

Μ. Σαφῶς καὶ τὸν ἀγαπᾷ.

ΜΙΣΤΡΙΩΤΗΣ (ἐνάγων). Ἠδύνατο νὰ ἐπανέβαινε ὁ Καρτάλης χωρὶς τὴν συνεννόησιν τοῦ Βόλου ;

Μ. Ἠδύνατο βέβαια.

ΜΙΣΤΡ. Καὶ διατί δὲν τὸ ἔκαμε ;

Μ. Δὲν γνωρίζω.

ΠΑΠΑΦΡΑΓΚΟΣ. Ἀλλὰ πῶς δὲν εἴχατε τὴν ὁμοφωνίαν μὲ τὴν διαπροσωπίαν, κύριε ;

Μ. Ἡ ἐξουσία ἀνήκει καὶ μόνον εἰς τὸν Κασσαβέτην.

ΔΗΜΗΤΡΑΚΟΠΟΥΛΟΣ. Κατὰ ποῖον μῆνα σᾶς ἀνήγγειλε τὴν ἐπιστολὴν ὁ κ. Γάτσος ;

Μ. Τὸν Σεπτέμβριον.

ΔΗΜΗΤ. Καὶ ὁ κ. Καρτάλης ποῦ ἦτο τότε ;

Μ. Εἰς τὴν Εὐρώπην.

ΚΩΝΣΤΑΝΤΟΠΟΥΛΟΣ (συνήγορος). Ἔχετε ἀνεπιληφθεῖ τίποτε ;

Μ. Ὄχι.

ΜΠΟΥΦΙΔΗΣ. Εἴπατέ μου πότε ὁ Καρτάλης ἀνέλαβε τὴν ἀρχηγίαν ;

Μ. Τὸ ἔτος 1917.

ΜΑΡ. Μάλιστα.
